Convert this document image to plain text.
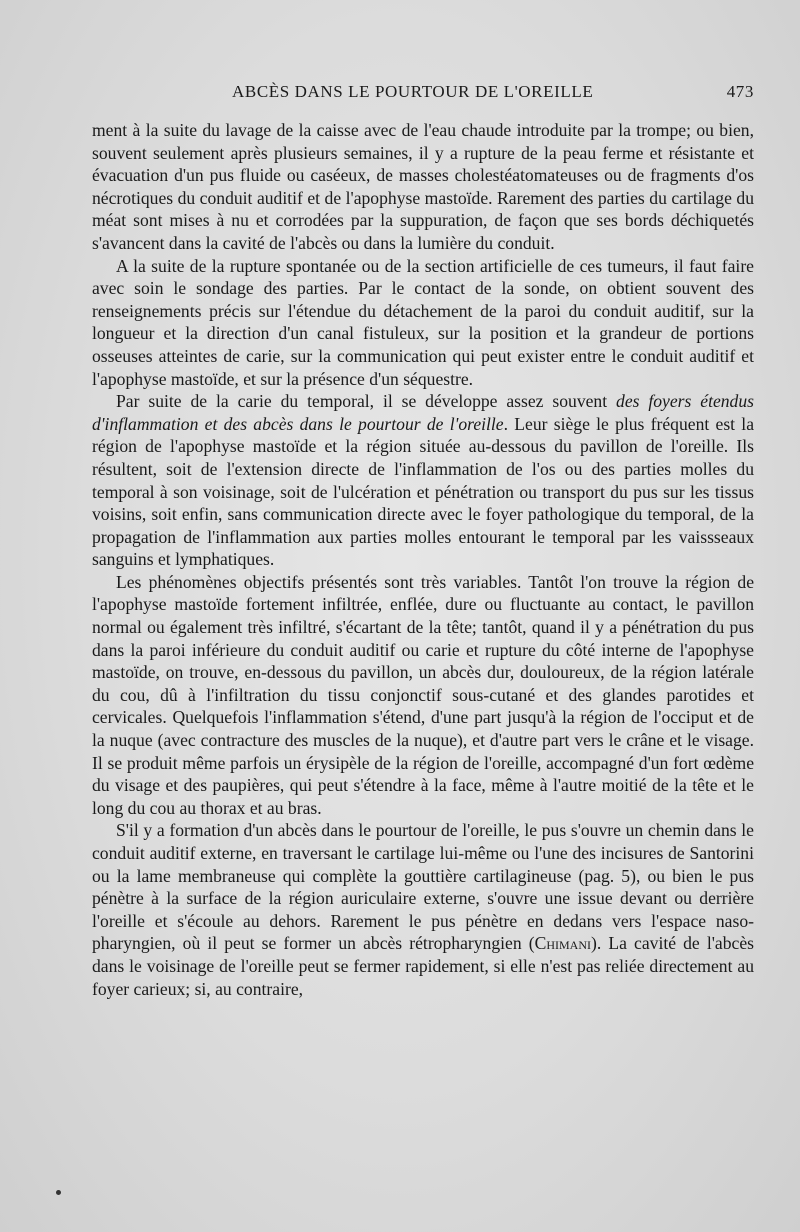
ABCÈS DANS LE POURTOUR DE L'OREILLE	473

ment à la suite du lavage de la caisse avec de l'eau chaude introduite par la trompe; ou bien, souvent seulement après plusieurs semaines, il y a rupture de la peau ferme et résistante et évacuation d'un pus fluide ou caséeux, de masses cholestéatomateuses ou de fragments d'os nécrotiques du conduit auditif et de l'apophyse mastoïde. Rarement des parties du cartilage du méat sont mises à nu et corrodées par la suppuration, de façon que ses bords déchiquetés s'avancent dans la cavité de l'abcès ou dans la lumière du conduit.

A la suite de la rupture spontanée ou de la section artificielle de ces tumeurs, il faut faire avec soin le sondage des parties. Par le contact de la sonde, on obtient souvent des renseignements précis sur l'étendue du détachement de la paroi du conduit auditif, sur la longueur et la direction d'un canal fistuleux, sur la position et la grandeur de portions osseuses atteintes de carie, sur la communication qui peut exister entre le conduit auditif et l'apophyse mastoïde, et sur la présence d'un séquestre.

Par suite de la carie du temporal, il se développe assez souvent des foyers étendus d'inflammation et des abcès dans le pourtour de l'oreille. Leur siège le plus fréquent est la région de l'apophyse mastoïde et la région située au-dessous du pavillon de l'oreille. Ils résultent, soit de l'extension directe de l'inflammation de l'os ou des parties molles du temporal à son voisinage, soit de l'ulcération et pénétration ou transport du pus sur les tissus voisins, soit enfin, sans communication directe avec le foyer pathologique du temporal, de la propagation de l'inflammation aux parties molles entourant le temporal par les vaissseaux sanguins et lymphatiques.

Les phénomènes objectifs présentés sont très variables. Tantôt l'on trouve la région de l'apophyse mastoïde fortement infiltrée, enflée, dure ou fluctuante au contact, le pavillon normal ou également très infiltré, s'écartant de la tête; tantôt, quand il y a pénétration du pus dans la paroi inférieure du conduit auditif ou carie et rupture du côté interne de l'apophyse mastoïde, on trouve, en-dessous du pavillon, un abcès dur, douloureux, de la région latérale du cou, dû à l'infiltration du tissu conjonctif sous-cutané et des glandes parotides et cervicales. Quelquefois l'inflammation s'étend, d'une part jusqu'à la région de l'occiput et de la nuque (avec contracture des muscles de la nuque), et d'autre part vers le crâne et le visage. Il se produit même parfois un érysipèle de la région de l'oreille, accompagné d'un fort œdème du visage et des paupières, qui peut s'étendre à la face, même à l'autre moitié de la tête et le long du cou au thorax et au bras.

S'il y a formation d'un abcès dans le pourtour de l'oreille, le pus s'ouvre un chemin dans le conduit auditif externe, en traversant le cartilage lui-même ou l'une des incisures de Santorini ou la lame membraneuse qui complète la gouttière cartilagineuse (pag. 5), ou bien le pus pénètre à la surface de la région auriculaire externe, s'ouvre une issue devant ou derrière l'oreille et s'écoule au dehors. Rarement le pus pénètre en dedans vers l'espace naso-pharyngien, où il peut se former un abcès rétropharyngien (Chimani). La cavité de l'abcès dans le voisinage de l'oreille peut se fermer rapidement, si elle n'est pas reliée directement au foyer carieux; si, au contraire,
